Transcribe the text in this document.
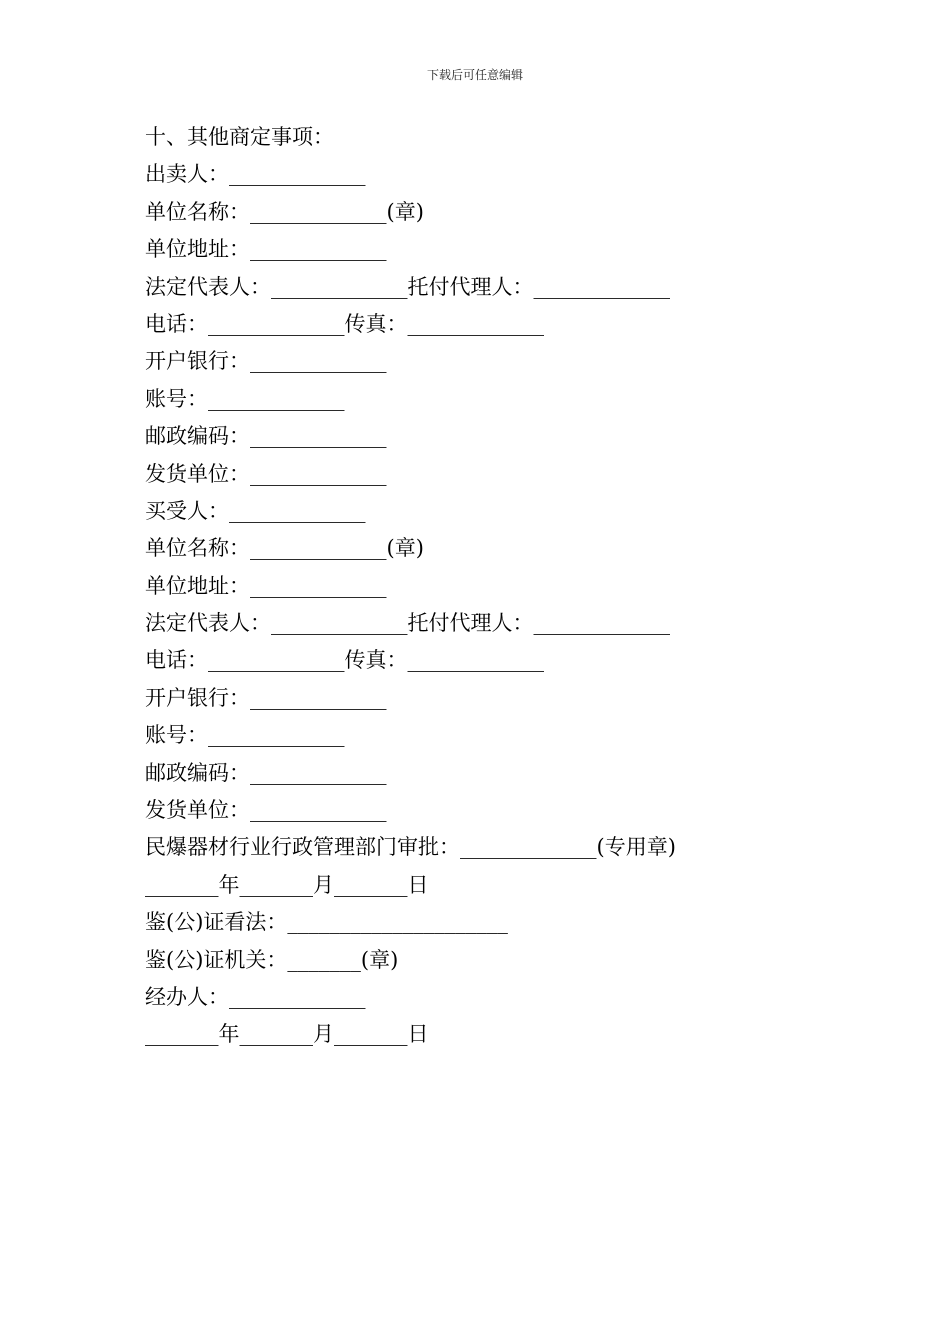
下载后可任意编辑
十、其他商定事项：
出卖人：_____________
单位名称：_____________(章)
单位地址：_____________
法定代表人：_____________托付代理人：_____________
电话：_____________传真：_____________
开户银行：_____________
账号：_____________
邮政编码：_____________
发货单位：_____________
买受人：_____________
单位名称：_____________(章)
单位地址：_____________
法定代表人：_____________托付代理人：_____________
电话：_____________传真：_____________
开户银行：_____________
账号：_____________
邮政编码：_____________
发货单位：_____________
民爆器材行业行政管理部门审批：_____________(专用章)
_______年_______月_______日
鉴(公)证看法：_____________________
鉴(公)证机关：_______(章)
经办人：_____________
_______年_______月_______日
